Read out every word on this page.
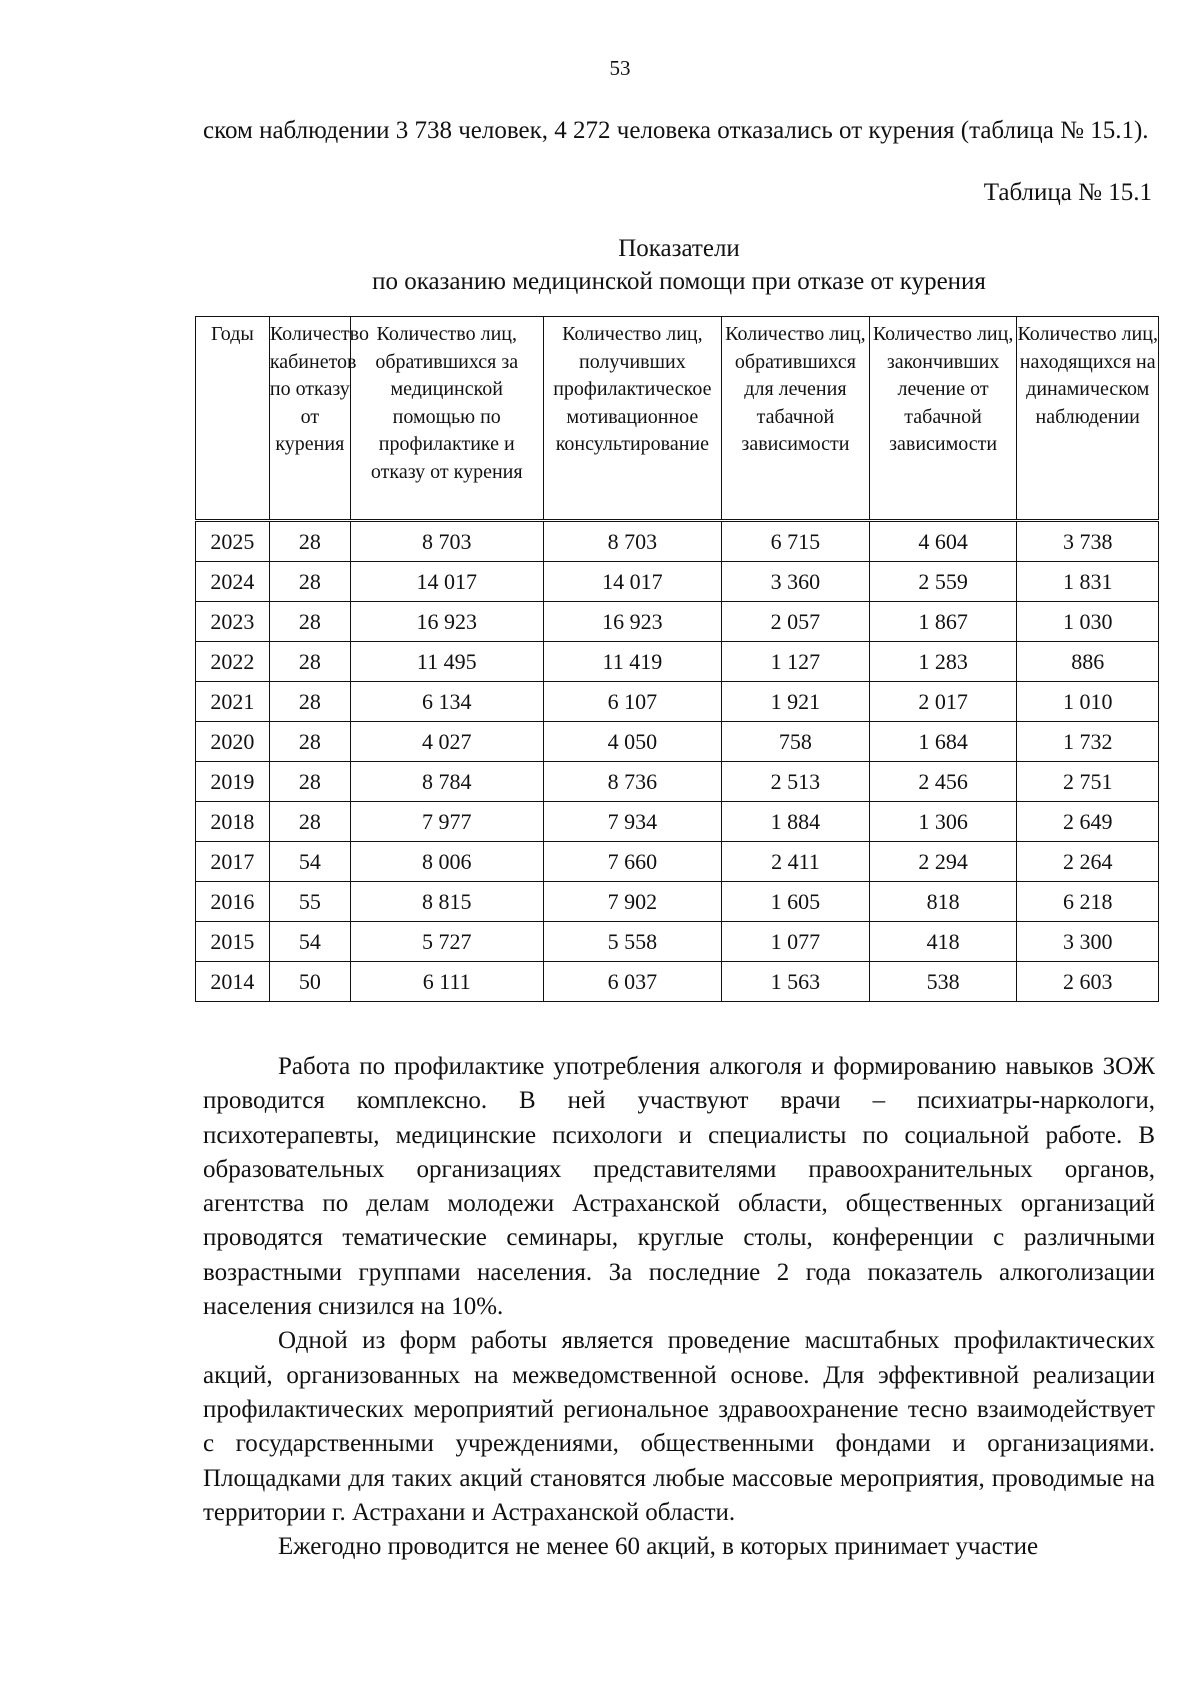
53

ском наблюдении 3 738 человек, 4 272 человека отказались от курения (таблица № 15.1).

Таблица № 15.1
Показатели
по оказанию медицинской помощи при отказе от курения
Годы	Количество кабинетов по отказу от курения	Количество лиц, обратившихся за медицинской помощью по профилактике и отказу от курения	Количество лиц, получивших профилактическое мотивационное консультирование	Количество лиц, обратившихся для лечения табачной зависимости	Количество лиц, закончивших лечение от табачной зависимости	Количество лиц, находящихся на динамическом наблюдении
2025	28	8 703	8 703	6 715	4 604	3 738
2024	28	14 017	14 017	3 360	2 559	1 831
2023	28	16 923	16 923	2 057	1 867	1 030
2022	28	11 495	11 419	1 127	1 283	886
2021	28	6 134	6 107	1 921	2 017	1 010
2020	28	4 027	4 050	758	1 684	1 732
2019	28	8 784	8 736	2 513	2 456	2 751
2018	28	7 977	7 934	1 884	1 306	2 649
2017	54	8 006	7 660	2 411	2 294	2 264
2016	55	8 815	7 902	1 605	818	6 218
2015	54	5 727	5 558	1 077	418	3 300
2014	50	6 111	6 037	1 563	538	2 603

Работа по профилактике употребления алкоголя и формированию навыков ЗОЖ проводится комплексно. В ней участвуют врачи – психиатры-наркологи, психотерапевты, медицинские психологи и специалисты по социальной работе. В образовательных организациях представителями правоохранительных органов, агентства по делам молодежи Астраханской области, общественных организаций проводятся тематические семинары, круглые столы, конференции с различными возрастными группами населения. За последние 2 года показатель алкоголизации населения снизился на 10%.

Одной из форм работы является проведение масштабных профилактических акций, организованных на межведомственной основе. Для эффективной реализации профилактических мероприятий региональное здравоохранение тесно взаимодействует с государственными учреждениями, общественными фондами и организациями. Площадками для таких акций становятся любые массовые мероприятия, проводимые на территории г. Астрахани и Астраханской области.

Ежегодно проводится не менее 60 акций, в которых принимает участие
